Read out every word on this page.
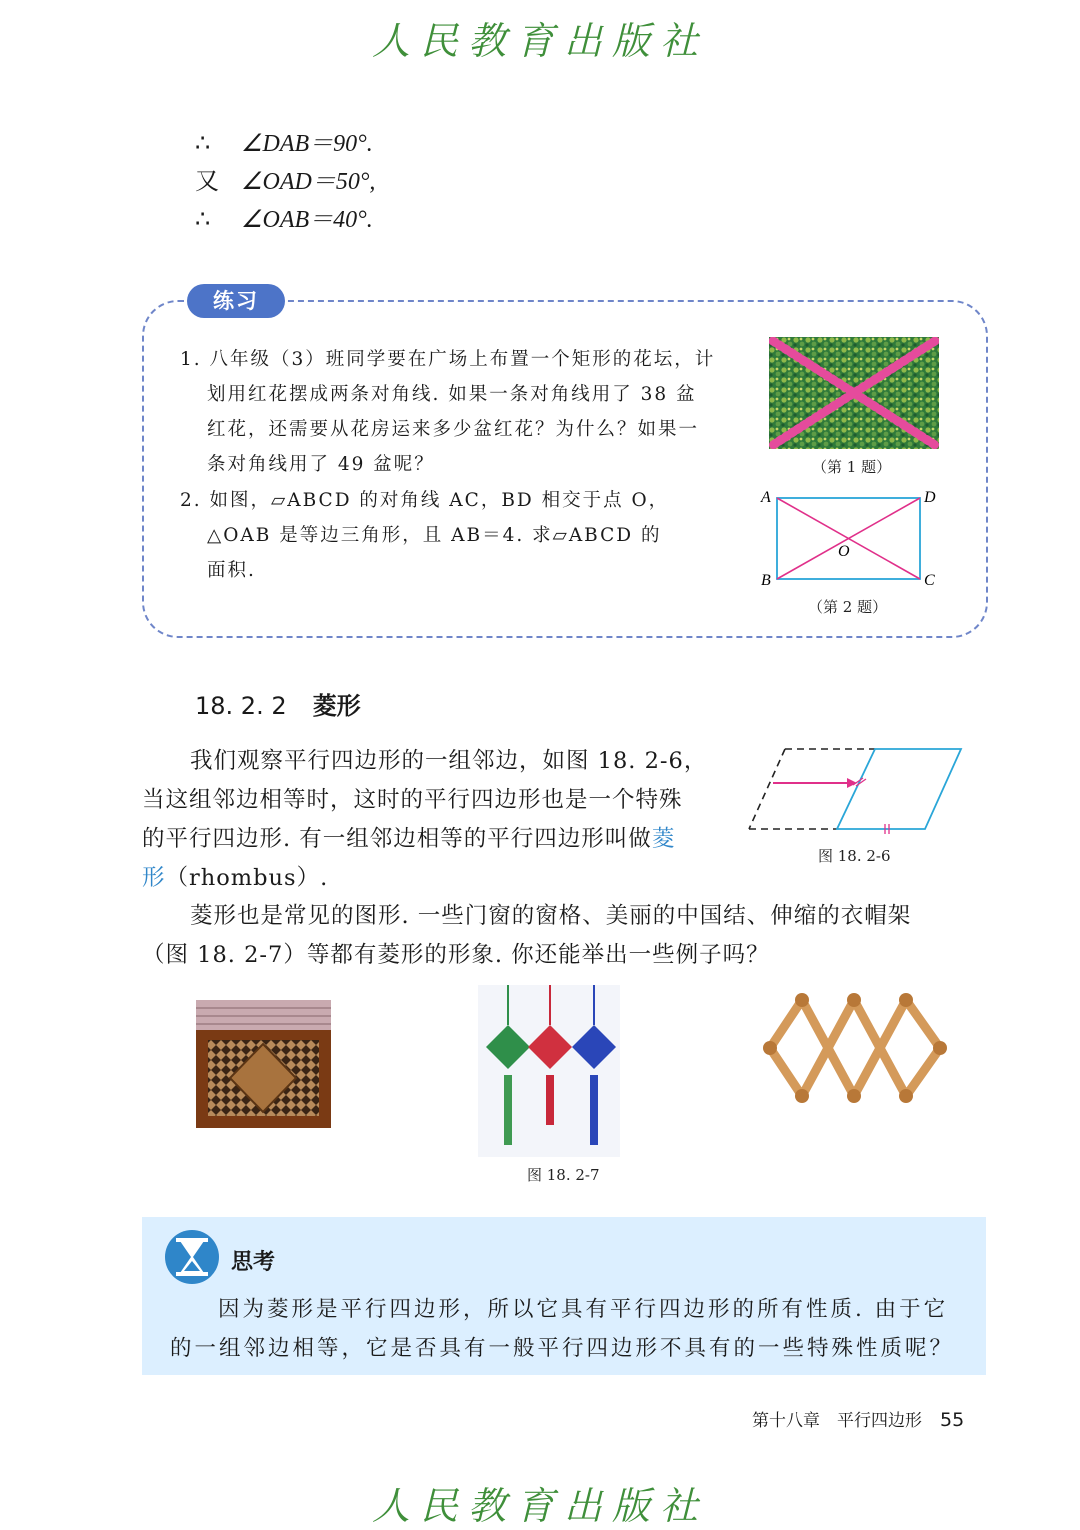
人民教育出版社
∴ ∠DAB＝90°.
又 ∠OAD＝50°,
∴ ∠OAB＝40°.
练习
1. 八年级（3）班同学要在广场上布置一个矩形的花坛，计
划用红花摆成两条对角线. 如果一条对角线用了 38 盆
红花，还需要从花房运来多少盆红花？为什么？如果一
条对角线用了 49 盆呢？
2. 如图，▱ABCD 的对角线 AC，BD 相交于点 O，
△OAB 是等边三角形，且 AB＝4. 求▱ABCD 的
面积.
（第 1 题）
A	D
B	C
O
（第 2 题）
18. 2. 2 菱形
我们观察平行四边形的一组邻边，如图 18. 2-6，
当这组邻边相等时，这时的平行四边形也是一个特殊
的平行四边形. 有一组邻边相等的平行四边形叫做菱
形（rhombus）.
图 18. 2-6
菱形也是常见的图形. 一些门窗的窗格、美丽的中国结、伸缩的衣帽架
（图 18. 2-7）等都有菱形的形象. 你还能举出一些例子吗？
图 18. 2-7
思考
因为菱形是平行四边形，所以它具有平行四边形的所有性质. 由于它
的一组邻边相等，它是否具有一般平行四边形不具有的一些特殊性质呢？
第十八章　平行四边形 55
人民教育出版社
